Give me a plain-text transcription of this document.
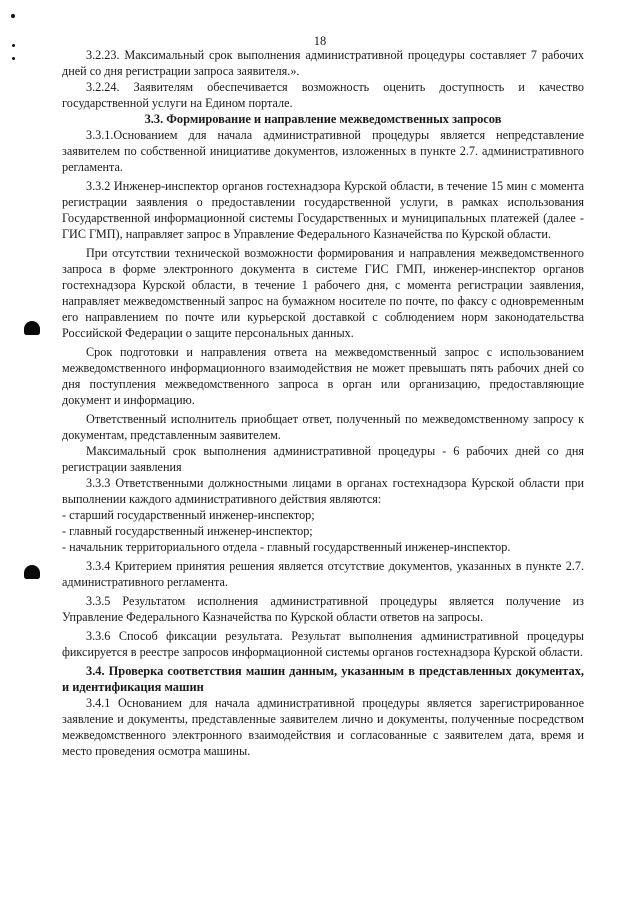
18

3.2.23. Максимальный срок выполнения административной процедуры составляет 7 рабочих дней со дня регистрации запроса заявителя.».

3.2.24. Заявителям обеспечивается возможность оценить доступность и качество государственной услуги на Едином портале.

3.3. Формирование и направление межведомственных запросов

3.3.1.Основанием для начала административной процедуры является непредставление заявителем по собственной инициативе документов, изложенных в пункте 2.7. административного регламента.

3.3.2 Инженер-инспектор органов гостехнадзора Курской области, в течение 15 мин с момента регистрации заявления о предоставлении государственной услуги, в рамках использования Государственной информационной системы Государственных и муниципальных платежей (далее - ГИС ГМП), направляет запрос в Управление Федерального Казначейства по Курской области.

При отсутствии технической возможности формирования и направления межведомственного запроса в форме электронного документа в системе ГИС ГМП, инженер-инспектор органов гостехнадзора Курской области, в течение 1 рабочего дня, с момента регистрации заявления, направляет межведомственный запрос на бумажном носителе по почте, по факсу с одновременным его направлением по почте или курьерской доставкой с соблюдением норм законодательства Российской Федерации о защите персональных данных.

Срок подготовки и направления ответа на межведомственный запрос с использованием межведомственного информационного взаимодействия не может превышать пять рабочих дней со дня поступления межведомственного запроса в орган или организацию, предоставляющие документ и информацию.

Ответственный исполнитель приобщает ответ, полученный по межведомственному запросу к документам, представленным заявителем.

Максимальный срок выполнения административной процедуры - 6 рабочих дней со дня регистрации заявления

3.3.3 Ответственными должностными лицами в органах гостехнадзора Курской области при выполнении каждого административного действия являются:

- старший государственный инженер-инспектор;

- главный государственный инженер-инспектор;

- начальник территориального отдела - главный государственный инженер-инспектор.

3.3.4 Критерием принятия решения является отсутствие документов, указанных в пункте 2.7. административного регламента.

3.3.5 Результатом исполнения административной процедуры является получение из Управление Федерального Казначейства по Курской области ответов на запросы.

3.3.6 Способ фиксации результата. Результат выполнения административной процедуры фиксируется в реестре запросов информационной системы органов гостехнадзора Курской области.

3.4. Проверка соответствия машин данным, указанным в представленных документах, и идентификация машин

3.4.1 Основанием для начала административной процедуры является зарегистрированное заявление и документы, представленные заявителем лично и документы, полученные посредством межведомственного электронного взаимодействия и согласованные с заявителем дата, время и место проведения осмотра машины.
